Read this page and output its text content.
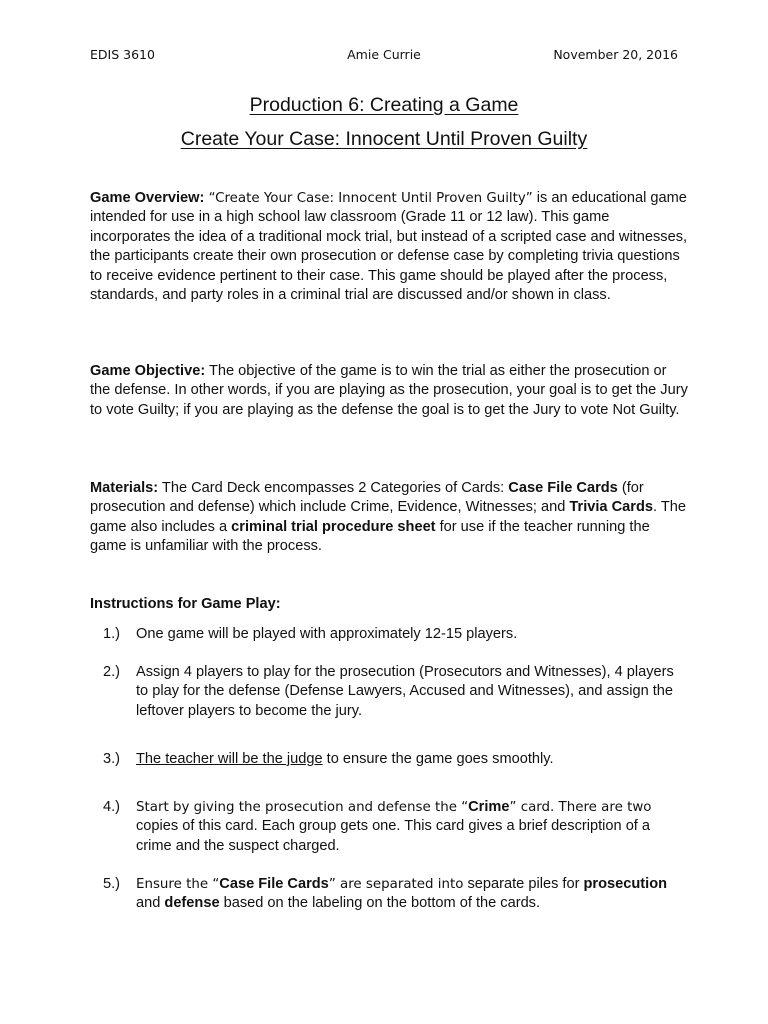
EDIS 3610	Amie Currie	November 20, 2016
Production 6: Creating a Game
Create Your Case: Innocent Until Proven Guilty
Game Overview: “Create Your Case: Innocent Until Proven Guilty” is an educational game intended for use in a high school law classroom (Grade 11 or 12 law). This game incorporates the idea of a traditional mock trial, but instead of a scripted case and witnesses, the participants create their own prosecution or defense case by completing trivia questions to receive evidence pertinent to their case. This game should be played after the process, standards, and party roles in a criminal trial are discussed and/or shown in class.
Game Objective: The objective of the game is to win the trial as either the prosecution or the defense. In other words, if you are playing as the prosecution, your goal is to get the Jury to vote Guilty; if you are playing as the defense the goal is to get the Jury to vote Not Guilty.
Materials: The Card Deck encompasses 2 Categories of Cards: Case File Cards (for prosecution and defense) which include Crime, Evidence, Witnesses; and Trivia Cards. The game also includes a criminal trial procedure sheet for use if the teacher running the game is unfamiliar with the process.
Instructions for Game Play:
1.) One game will be played with approximately 12-15 players.
2.) Assign 4 players to play for the prosecution (Prosecutors and Witnesses), 4 players to play for the defense (Defense Lawyers, Accused and Witnesses), and assign the leftover players to become the jury.
3.) The teacher will be the judge to ensure the game goes smoothly.
4.) Start by giving the prosecution and defense the “Crime” card. There are two copies of this card. Each group gets one. This card gives a brief description of a crime and the suspect charged.
5.) Ensure the “Case File Cards” are separated into separate piles for prosecution and defense based on the labeling on the bottom of the cards.
